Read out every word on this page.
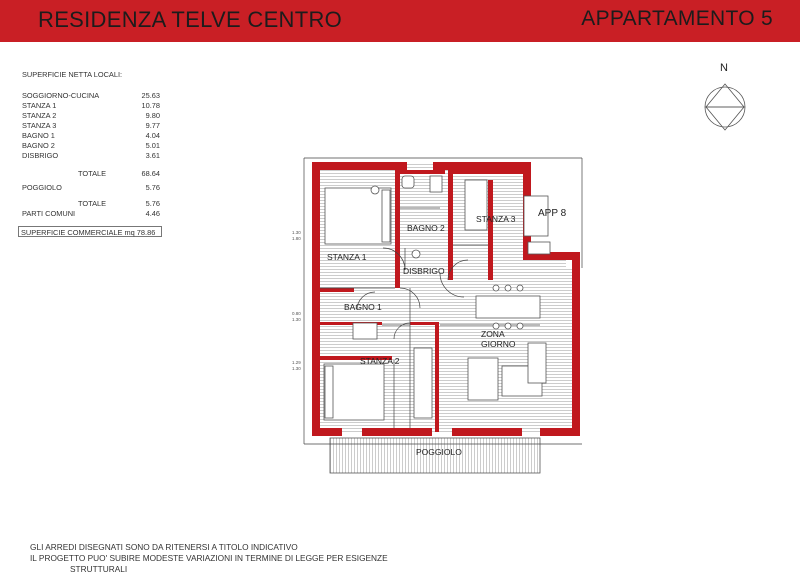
RESIDENZA TELVE CENTRO	APPARTAMENTO 5
SUPERFICIE NETTA LOCALI:
SOGGIORNO-CUCINA	25.63
STANZA 1	10.78
STANZA 2	9.80
STANZA 3	9.77
BAGNO 1	4.04
BAGNO 2	5.01
DISBRIGO	3.61
TOTALE	68.64
POGGIOLO	5.76
TOTALE	5.76
PARTI COMUNI	4.46
SUPERFICIE COMMERCIALE mq 78.86
N
STANZA 1
BAGNO 2
STANZA 3 APP 8
DISBRIGO
BAGNO 1
ZONA
GIORNO
STANZA 2
POGGIOLO
1.30
1.80
0.80
1.30
1.29
1.30
GLI ARREDI DISEGNATI SONO DA RITENERSI A TITOLO INDICATIVO
IL PROGETTO PUO' SUBIRE MODESTE VARIAZIONI IN TERMINE DI LEGGE PER ESIGENZE
STRUTTURALI
